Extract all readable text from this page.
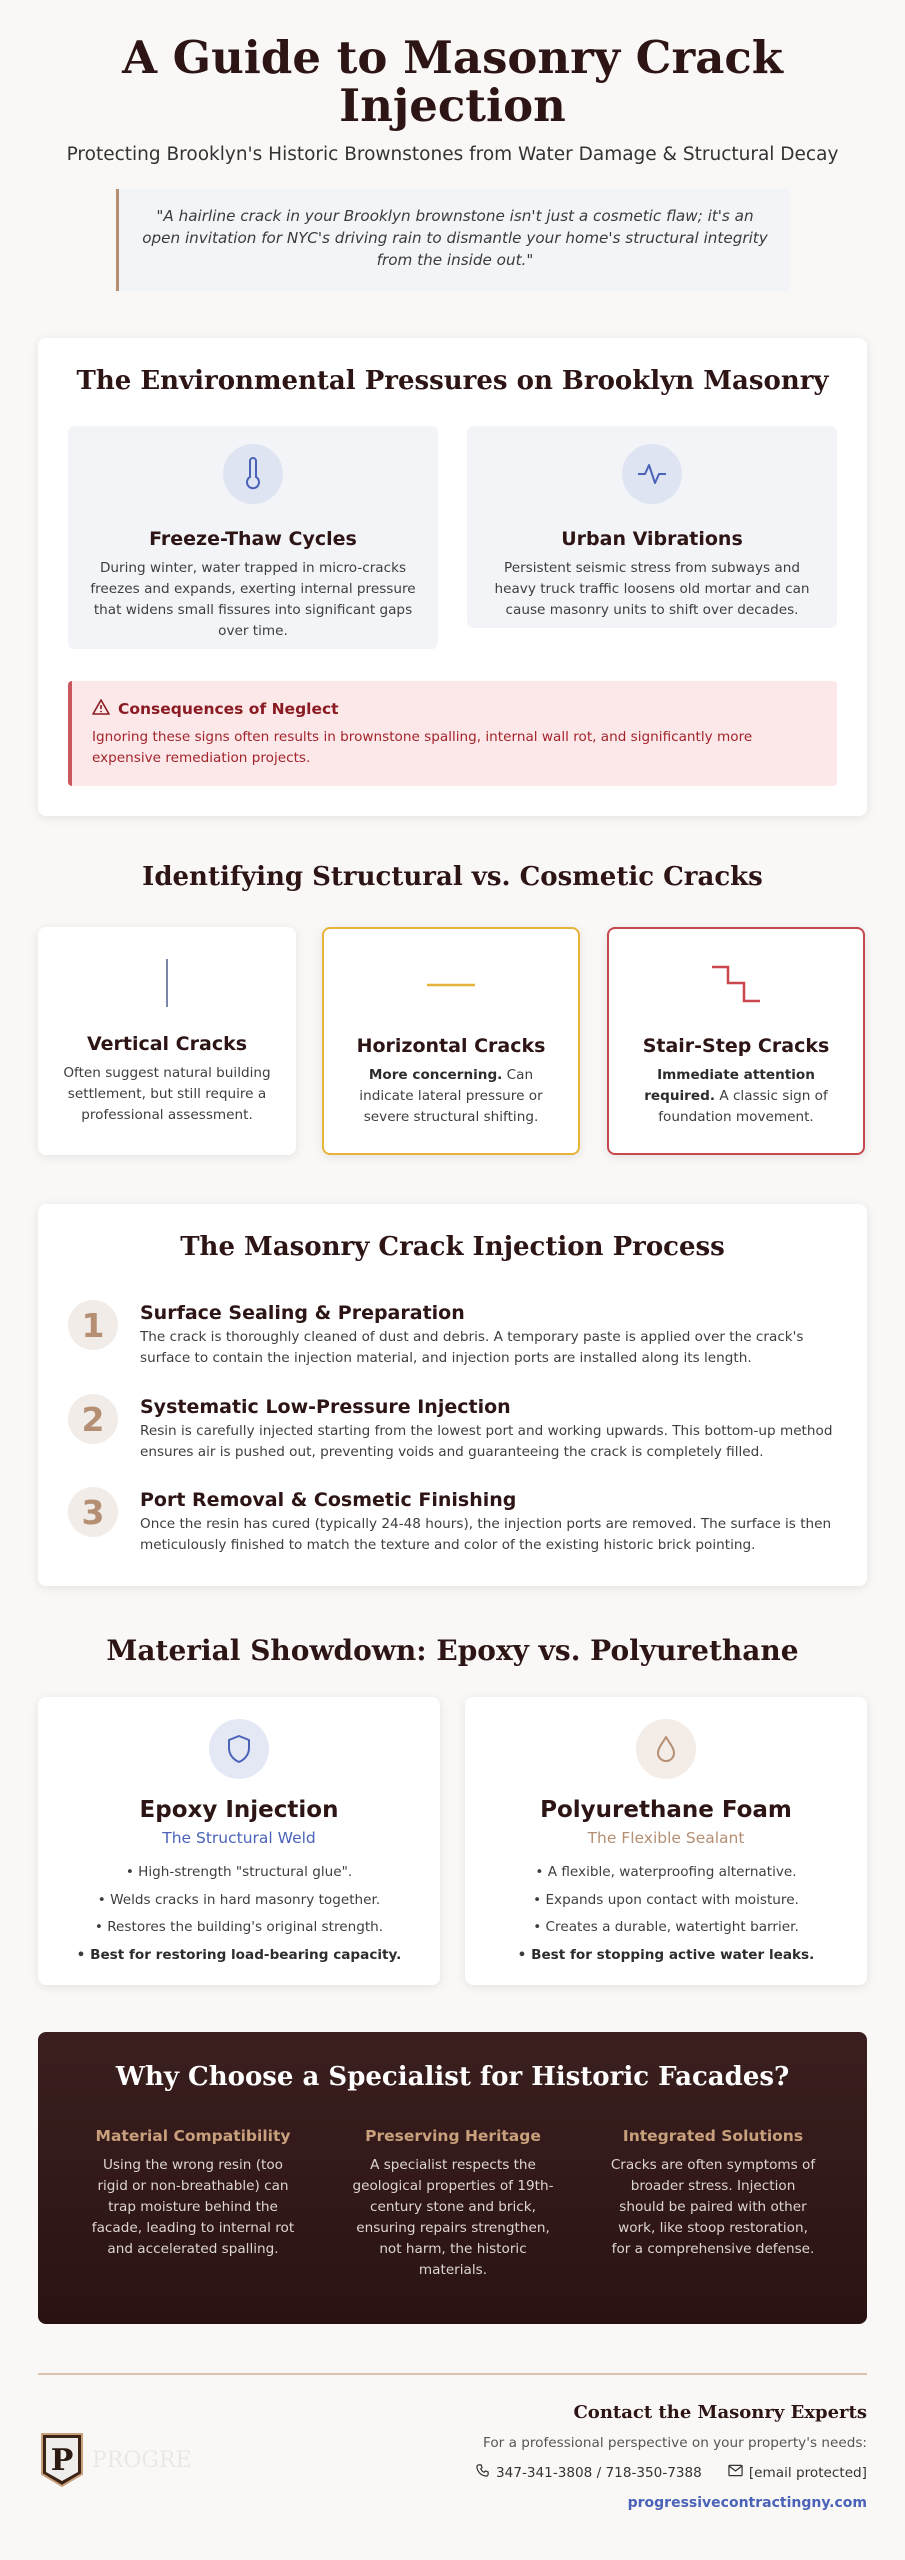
A Guide to Masonry Crack Injection
Protecting Brooklyn's Historic Brownstones from Water Damage & Structural Decay
"A hairline crack in your Brooklyn brownstone isn't just a cosmetic flaw; it's an open invitation for NYC's driving rain to dismantle your home's structural integrity from the inside out."
The Environmental Pressures on Brooklyn Masonry
Freeze-Thaw Cycles

During winter, water trapped in micro-cracks freezes and expands, exerting internal pressure that widens small fissures into significant gaps over time.

Urban Vibrations

Persistent seismic stress from subways and heavy truck traffic loosens old mortar and can cause masonry units to shift over decades.

Consequences of Neglect

Ignoring these signs often results in brownstone spalling, internal wall rot, and significantly more expensive remediation projects.

Identifying Structural vs. Cosmetic Cracks
Vertical Cracks

Often suggest natural building settlement, but still require a professional assessment.

Horizontal Cracks

More concerning. Can indicate lateral pressure or severe structural shifting.

Stair-Step Cracks

Immediate attention required. A classic sign of foundation movement.

The Masonry Crack Injection Process
1	Surface Sealing & Preparation

The crack is thoroughly cleaned of dust and debris. A temporary paste is applied over the crack's surface to contain the injection material, and injection ports are installed along its length.

2	Systematic Low-Pressure Injection

Resin is carefully injected starting from the lowest port and working upwards. This bottom-up method ensures air is pushed out, preventing voids and guaranteeing the crack is completely filled.

3	Port Removal & Cosmetic Finishing

Once the resin has cured (typically 24-48 hours), the injection ports are removed. The surface is then meticulously finished to match the texture and color of the existing historic brick pointing.

Material Showdown: Epoxy vs. Polyurethane
Epoxy Injection
The Structural Weld
• High-strength "structural glue".
• Welds cracks in hard masonry together.
• Restores the building's original strength.
• Best for restoring load-bearing capacity.
Polyurethane Foam
The Flexible Sealant
• A flexible, waterproofing alternative.
• Expands upon contact with moisture.
• Creates a durable, watertight barrier.
• Best for stopping active water leaks.
Why Choose a Specialist for Historic Facades?
Material Compatibility

Using the wrong resin (too rigid or non-breathable) can trap moisture behind the facade, leading to internal rot and accelerated spalling.

Preserving Heritage

A specialist respects the geological properties of 19th-century stone and brick, ensuring repairs strengthen, not harm, the historic materials.

Integrated Solutions

Cracks are often symptoms of broader stress. Injection should be paired with other work, like stoop restoration, for a comprehensive defense.

P PROGRE
Contact the Masonry Experts
For a professional perspective on your property's needs:
347-341-3808 / 718-350-7388	[email protected]
progressivecontractingny.com
